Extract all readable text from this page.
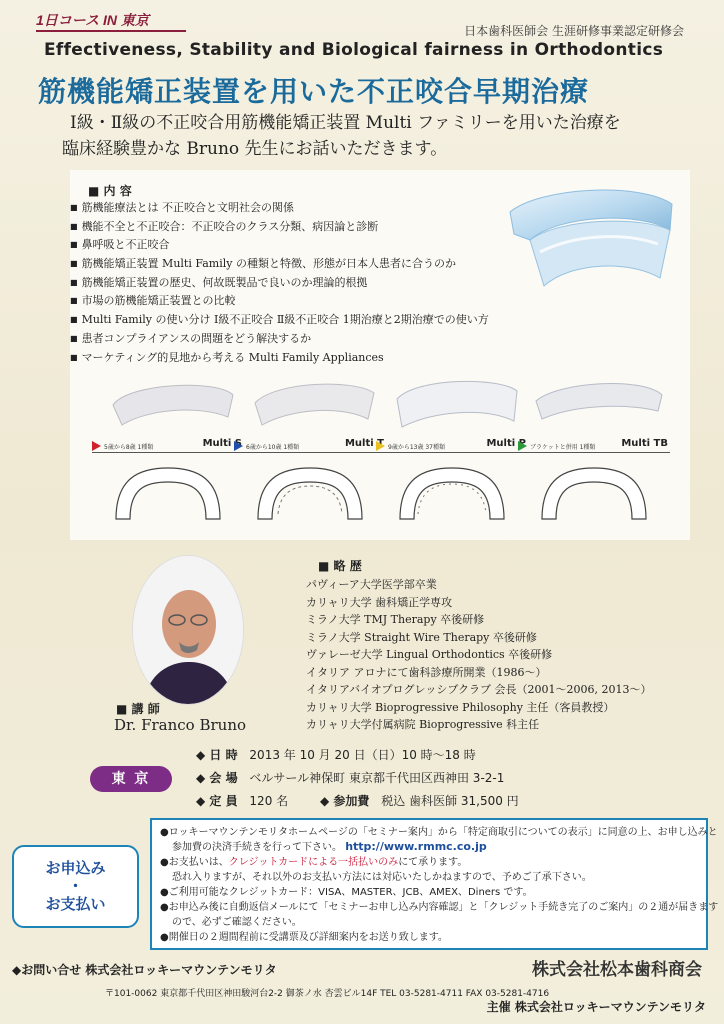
1日コース IN 東京
日本歯科医師会 生涯研修事業認定研修会
Effectiveness, Stability and Biological fairness in Orthodontics
筋機能矯正装置を用いた不正咬合早期治療
Ⅰ級・Ⅱ級の不正咬合用筋機能矯正装置 Multi ファミリーを用いた治療を
臨床経験豊かな Bruno 先生にお話いただきます。
■ 内 容
■ 筋機能療法とは 不正咬合と文明社会の関係
■ 機能不全と不正咬合：不正咬合のクラス分類、病因論と診断
■ 鼻呼吸と不正咬合
■ 筋機能矯正装置 Multi Family の種類と特徴、形態が日本人患者に合うのか
■ 筋機能矯正装置の歴史、何故既製品で良いのか理論的根拠
■ 市場の筋機能矯正装置との比較
■ Multi Family の使い分け Ⅰ級不正咬合 Ⅱ級不正咬合 1期治療と2期治療での使い方
■ 患者コンプライアンスの問題をどう解決するか
■ マーケティング的見地から考える Multi Family Appliances
5歳から8歳 1種類	Multi S 6歳から10歳 1種類	Multi T 9歳から13歳 37種類	Multi P ブラケットと併用 1種類	Multi TB
■ 講 師
Dr. Franco Bruno
■ 略 歴
パヴィーア大学医学部卒業
カリャリ大学 歯科矯正学専攻
ミラノ大学 TMJ Therapy 卒後研修
ミラノ大学 Straight Wire Therapy 卒後研修
ヴァレーゼ大学 Lingual Orthodontics 卒後研修
イタリア アロナにて歯科診療所開業（1986～）
イタリアバイオプログレッシブクラブ 会長（2001～2006, 2013～）
カリャリ大学 Bioprogressive Philosophy 主任（客員教授）
カリャリ大学付属病院 Bioprogressive 科主任
東 京
◆ 日 時 2013 年 10 月 20 日（日）10 時～18 時
◆ 会 場 ベルサール神保町 東京都千代田区西神田 3-2-1
◆ 定 員 120 名	◆ 参加費 税込 歯科医師 31,500 円
お申込み
・
お支払い

●ロッキーマウンテンモリタホームページの「セミナー案内」から「特定商取引についての表示」に同意の上、お申し込みと

参加費の決済手続きを行って下さい。 http://www.rmmc.co.jp

●お支払いは、クレジットカードによる一括払いのみにて承ります。

恐れ入りますが、それ以外のお支払い方法には対応いたしかねますので、予めご了承下さい。

●ご利用可能なクレジットカード：VISA、MASTER、JCB、AMEX、Diners です。

●お申込み後に自動返信メールにて「セミナーお申し込み内容確認」と「クレジット手続き完了のご案内」の２通が届きます

ので、必ずご確認ください。

●開催日の２週間程前に受講票及び詳細案内をお送り致します。

◆お問い合せ 株式会社ロッキーマウンテンモリタ
〒101-0062 東京都千代田区神田駿河台2-2 御茶ノ水 杏雲ビル14F TEL 03-5281-4711 FAX 03-5281-4716
株式会社松本歯科商会
主催 株式会社ロッキーマウンテンモリタ
